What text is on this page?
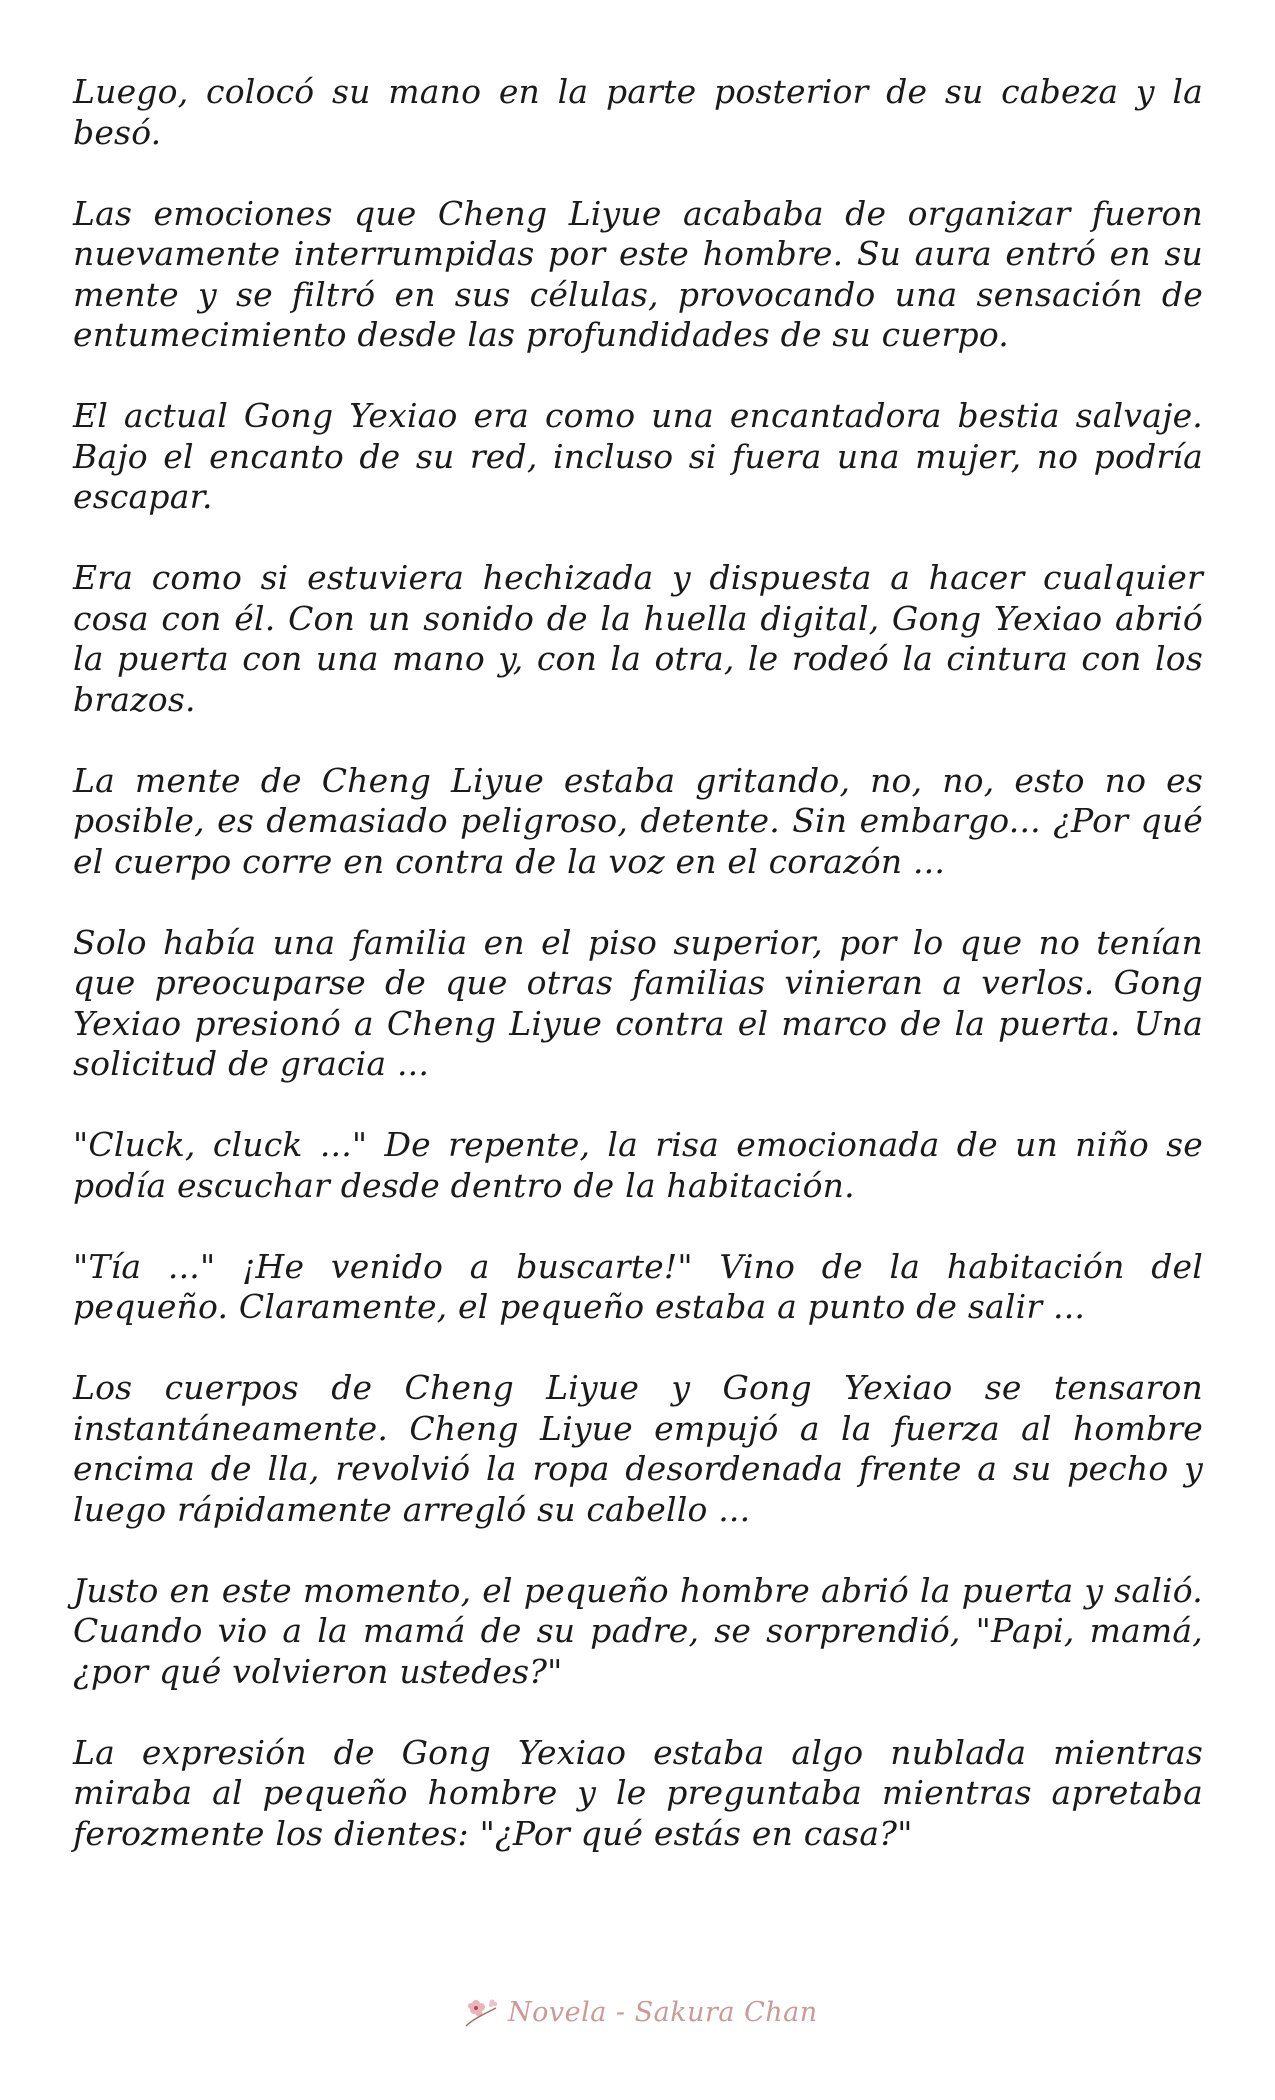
Luego, colocó su mano en la parte posterior de su cabeza y la besó.

Las emociones que Cheng Liyue acababa de organizar fueron nuevamente interrumpidas por este hombre. Su aura entró en su mente y se filtró en sus células, provocando una sensación de entumecimiento desde las profundidades de su cuerpo.

El actual Gong Yexiao era como una encantadora bestia salvaje. Bajo el encanto de su red, incluso si fuera una mujer, no podría escapar.

Era como si estuviera hechizada y dispuesta a hacer cualquier cosa con él. Con un sonido de la huella digital, Gong Yexiao abrió la puerta con una mano y, con la otra, le rodeó la cintura con los brazos.

La mente de Cheng Liyue estaba gritando, no, no, esto no es posible, es demasiado peligroso, detente. Sin embargo... ¿Por qué el cuerpo corre en contra de la voz en el corazón ...

Solo había una familia en el piso superior, por lo que no tenían que preocuparse de que otras familias vinieran a verlos. Gong Yexiao presionó a Cheng Liyue contra el marco de la puerta. Una solicitud de gracia ...

"Cluck, cluck ..." De repente, la risa emocionada de un niño se podía escuchar desde dentro de la habitación.

"Tía ..." ¡He venido a buscarte!" Vino de la habitación del pequeño. Claramente, el pequeño estaba a punto de salir ...

Los cuerpos de Cheng Liyue y Gong Yexiao se tensaron instantáneamente. Cheng Liyue empujó a la fuerza al hombre encima de lla, revolvió la ropa desordenada frente a su pecho y luego rápidamente arregló su cabello ...

Justo en este momento, el pequeño hombre abrió la puerta y salió. Cuando vio a la mamá de su padre, se sorprendió, "Papi, mamá, ¿por qué volvieron ustedes?"

La expresión de Gong Yexiao estaba algo nublada mientras miraba al pequeño hombre y le preguntaba mientras apretaba ferozmente los dientes: "¿Por qué estás en casa?"

Novela - Sakura Chan
